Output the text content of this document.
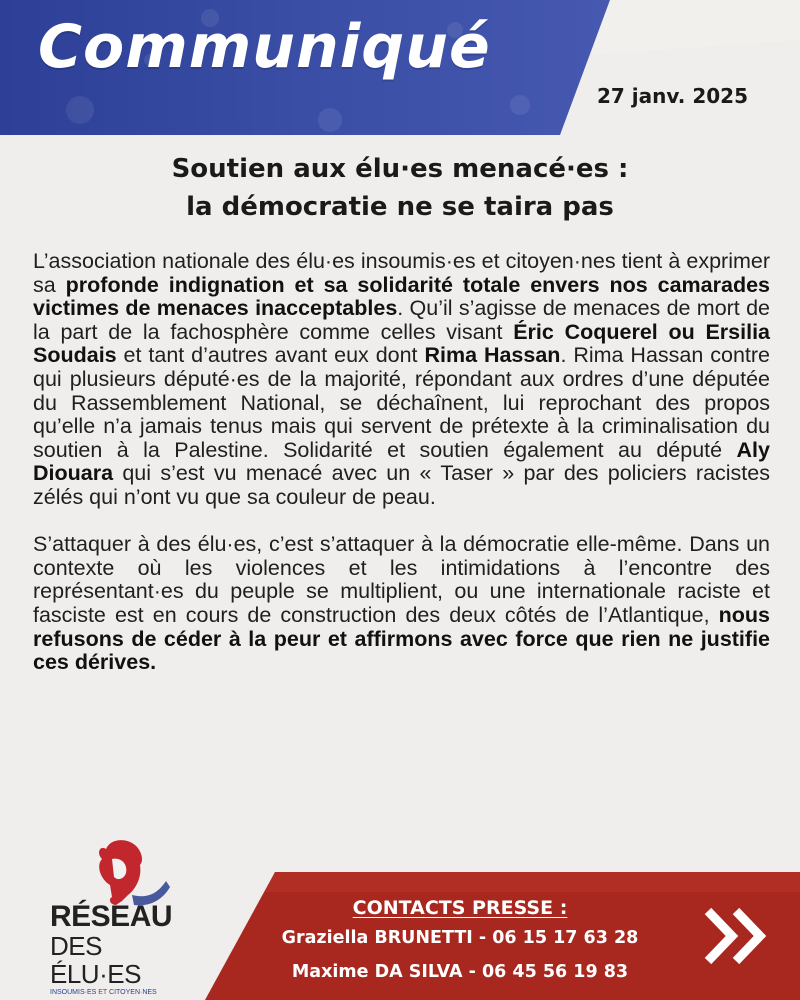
Communiqué
27 janv. 2025
Soutien aux élu·es menacé·es :
la démocratie ne se taira pas

L’association nationale des élu·es insoumis·es et citoyen·nes tient à exprimer sa profonde indignation et sa solidarité totale envers nos camarades victimes de menaces inacceptables. Qu’il s’agisse de menaces de mort de la part de la fachosphère comme celles visant Éric Coquerel ou Ersilia Soudais et tant d’autres avant eux dont Rima Hassan. Rima Hassan contre qui plusieurs député·es de la majorité, répondant aux ordres d’une députée du Rassemblement National, se déchaînent, lui reprochant des propos qu’elle n’a jamais tenus mais qui servent de prétexte à la criminalisation du soutien à la Palestine. Solidarité et soutien également au député Aly Diouara qui s’est vu menacé avec un « Taser » par des policiers racistes zélés qui n’ont vu que sa couleur de peau.

S’attaquer à des élu·es, c’est s’attaquer à la démocratie elle-même. Dans un contexte où les violences et les intimidations à l’encontre des représentant·es du peuple se multiplient, ou une internationale raciste et fasciste est en cours de construction des deux côtés de l’Atlantique, nous refusons de céder à la peur et affirmons avec force que rien ne justifie ces dérives.

CONTACTS PRESSE :
Graziella BRUNETTI - 06 15 17 63 28
Maxime DA SILVA - 06 45 56 19 83
RÉSEAU
DES ÉLU·ES
INSOUMIS·ES ET CITOYEN·NES
